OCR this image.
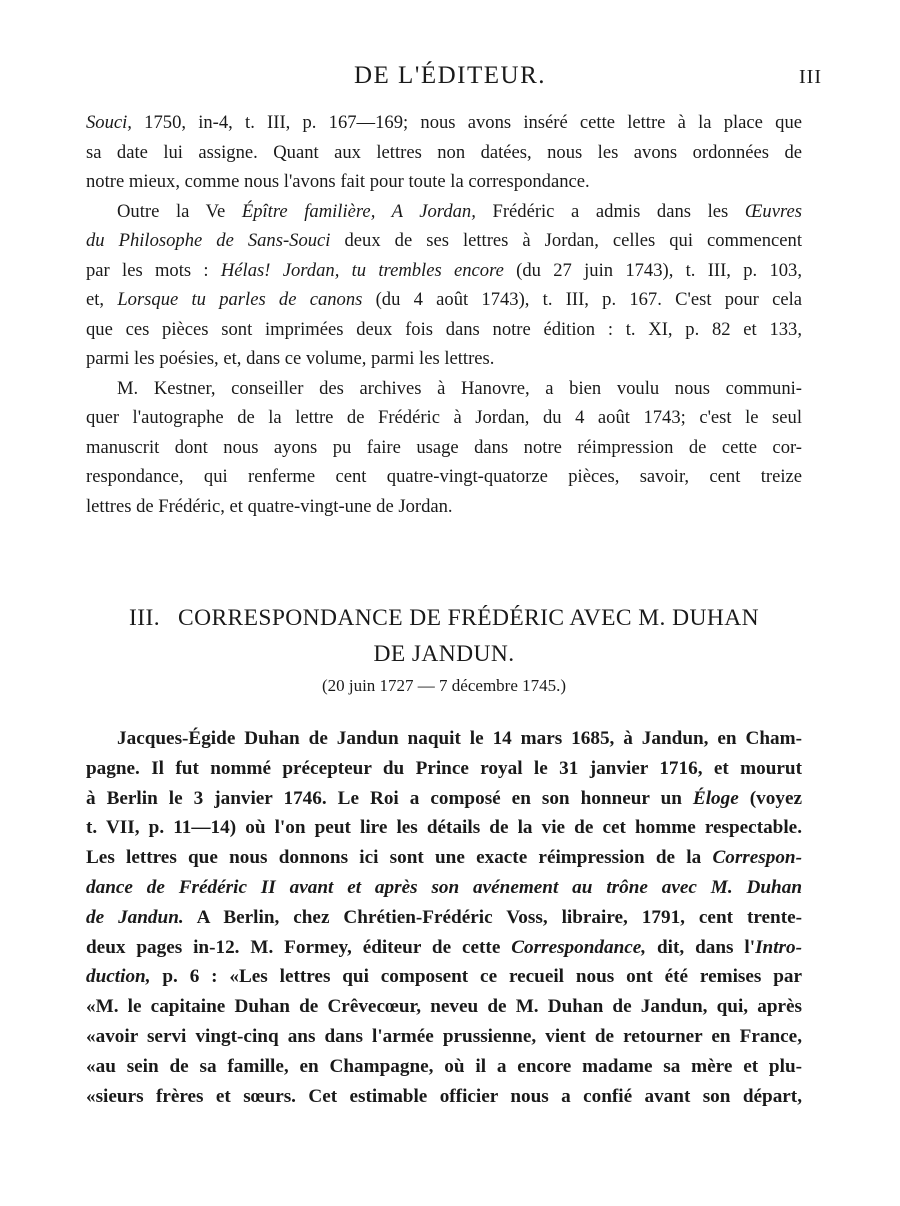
DE L'ÉDITEUR.	III
Souci, 1750, in-4, t. III, p. 167—169; nous avons inséré cette lettre à la place que
sa date lui assigne. Quant aux lettres non datées, nous les avons ordonnées de
notre mieux, comme nous l'avons fait pour toute la correspondance.
Outre la Ve Épître familière, A Jordan, Frédéric a admis dans les Œuvres
du Philosophe de Sans-Souci deux de ses lettres à Jordan, celles qui commencent
par les mots : Hélas! Jordan, tu trembles encore (du 27 juin 1743), t. III, p. 103,
et, Lorsque tu parles de canons (du 4 août 1743), t. III, p. 167. C'est pour cela
que ces pièces sont imprimées deux fois dans notre édition : t. XI, p. 82 et 133,
parmi les poésies, et, dans ce volume, parmi les lettres.
M. Kestner, conseiller des archives à Hanovre, a bien voulu nous communi-
quer l'autographe de la lettre de Frédéric à Jordan, du 4 août 1743; c'est le seul
manuscrit dont nous ayons pu faire usage dans notre réimpression de cette cor-
respondance, qui renferme cent quatre-vingt-quatorze pièces, savoir, cent treize
lettres de Frédéric, et quatre-vingt-une de Jordan.
III. CORRESPONDANCE DE FRÉDÉRIC AVEC M. DUHAN
DE JANDUN.
(20 juin 1727 — 7 décembre 1745.)
Jacques-Égide Duhan de Jandun naquit le 14 mars 1685, à Jandun, en Cham-
pagne. Il fut nommé précepteur du Prince royal le 31 janvier 1716, et mourut
à Berlin le 3 janvier 1746. Le Roi a composé en son honneur un Éloge (voyez
t. VII, p. 11—14) où l'on peut lire les détails de la vie de cet homme respectable.
Les lettres que nous donnons ici sont une exacte réimpression de la Correspon-
dance de Frédéric II avant et après son avénement au trône avec M. Duhan
de Jandun. A Berlin, chez Chrétien-Frédéric Voss, libraire, 1791, cent trente-
deux pages in-12. M. Formey, éditeur de cette Correspondance, dit, dans l'Intro-
duction, p. 6 : «Les lettres qui composent ce recueil nous ont été remises par
«M. le capitaine Duhan de Crêvecœur, neveu de M. Duhan de Jandun, qui, après
«avoir servi vingt-cinq ans dans l'armée prussienne, vient de retourner en France,
«au sein de sa famille, en Champagne, où il a encore madame sa mère et plu-
«sieurs frères et sœurs. Cet estimable officier nous a confié avant son départ,
